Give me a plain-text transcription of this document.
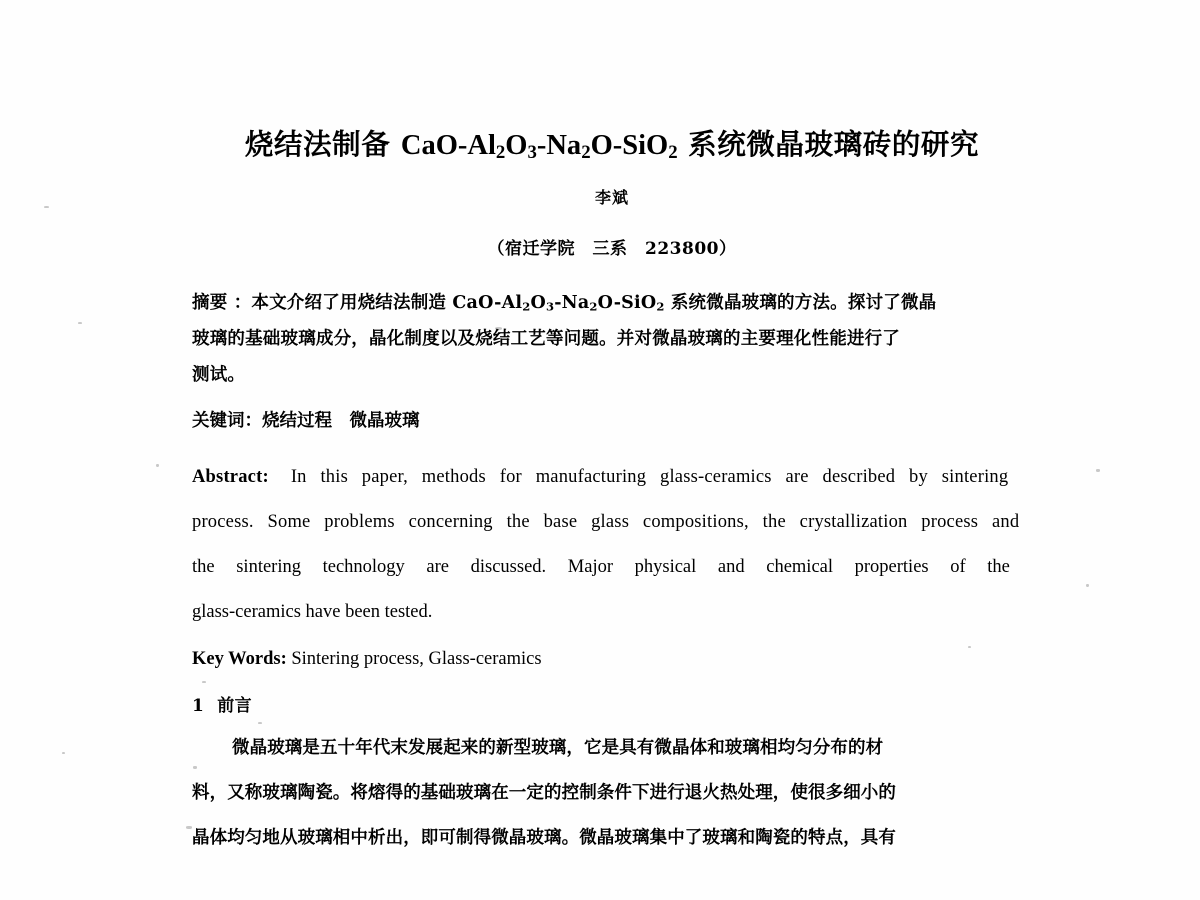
烧结法制备 CaO-$Al_2O_3-Na_2O-SiO_2$ 系统微晶玻璃砖的研究

李斌

（宿迁学院　三系　223800）

摘要 ：本文介绍了用烧结法制造 CaO-$Al_2O_3-Na_2O-SiO_2$ 系统微晶玻璃的方法。探讨了微晶
玻璃的基础玻璃成分，晶化制度以及烧结工艺等问题。并对微晶玻璃的主要理化性能进行了
测试。
关键词：烧结过程　微晶玻璃
Abstract: In this paper, methods for manufacturing glass-ceramics are described by sintering
process. Some problems concerning the base glass compositions, the crystallization process and
the sintering technology are discussed. Major physical and chemical properties of the
glass-ceramics have been tested.
Key Words: Sintering process, Glass-ceramics
1 前言
微晶玻璃是五十年代末发展起来的新型玻璃，它是具有微晶体和玻璃相均匀分布的材
料，又称玻璃陶瓷。将熔得的基础玻璃在一定的控制条件下进行退火热处理，使很多细小的
晶体均匀地从玻璃相中析出，即可制得微晶玻璃。微晶玻璃集中了玻璃和陶瓷的特点，具有
